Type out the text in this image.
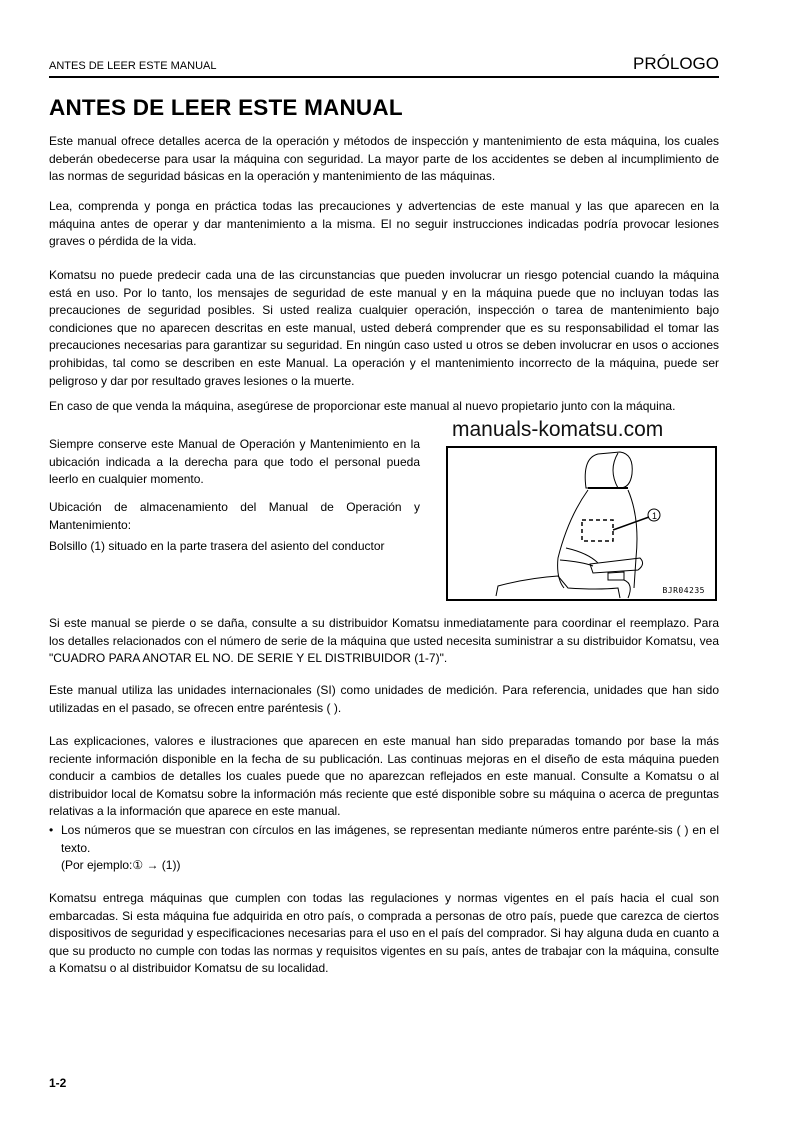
ANTES DE LEER ESTE MANUAL	PRÓLOGO
ANTES DE LEER ESTE MANUAL
Este manual ofrece detalles acerca de la operación y métodos de inspección y mantenimiento de esta máquina, los cuales deberán obedecerse para usar la máquina con seguridad. La mayor parte de los accidentes se deben al incumplimiento de las normas de seguridad básicas en la operación y mantenimiento de las máquinas.
Lea, comprenda y ponga en práctica todas las precauciones y advertencias de este manual y las que aparecen en la máquina antes de operar y dar mantenimiento a la misma. El no seguir instrucciones indicadas podría provocar lesiones graves o pérdida de la vida.
Komatsu no puede predecir cada una de las circunstancias que pueden involucrar un riesgo potencial cuando la máquina está en uso. Por lo tanto, los mensajes de seguridad de este manual y en la máquina puede que no incluyan todas las precauciones de seguridad posibles. Si usted realiza cualquier operación, inspección o tarea de mantenimiento bajo condiciones que no aparecen descritas en este manual, usted deberá comprender que es su responsabilidad el tomar las precauciones necesarias para garantizar su seguridad. En ningún caso usted u otros se deben involucrar en usos o acciones prohibidas, tal como se describen en este Manual. La operación y el mantenimiento incorrecto de la máquina, puede ser peligroso y dar por resultado graves lesiones o la muerte.
En caso de que venda la máquina, asegúrese de proporcionar este manual al nuevo propietario junto con la máquina.
Siempre conserve este Manual de Operación y Mantenimiento en la ubicación indicada a la derecha para que todo el personal pueda leerlo en cualquier momento.
Ubicación de almacenamiento del Manual de Operación y Mantenimiento:
Bolsillo (1) situado en la parte trasera del asiento del conductor
1
BJR04235
Si este manual se pierde o se daña, consulte a su distribuidor Komatsu inmediatamente para coordinar el reemplazo. Para los detalles relacionados con el número de serie de la máquina que usted necesita suministrar a su distribuidor Komatsu, vea "CUADRO PARA ANOTAR EL NO. DE SERIE Y EL DISTRIBUIDOR (1-7)".
Este manual utiliza las unidades internacionales (SI) como unidades de medición. Para referencia, unidades que han sido utilizadas en el pasado, se ofrecen entre paréntesis ( ).
Las explicaciones, valores e ilustraciones que aparecen en este manual han sido preparadas tomando por base la más reciente información disponible en la fecha de su publicación. Las continuas mejoras en el diseño de esta máquina pueden conducir a cambios de detalles los cuales puede que no aparezcan reflejados en este manual. Consulte a Komatsu o al distribuidor local de Komatsu sobre la información más reciente que esté disponible sobre su máquina o acerca de preguntas relativas a la información que aparece en este manual.
• Los números que se muestran con círculos en las imágenes, se representan mediante números entre parénte-sis ( ) en el texto.
(Por ejemplo:① → (1))
Komatsu entrega máquinas que cumplen con todas las regulaciones y normas vigentes en el país hacia el cual son embarcadas. Si esta máquina fue adquirida en otro país, o comprada a personas de otro país, puede que carezca de ciertos dispositivos de seguridad y especificaciones necesarias para el uso en el país del comprador. Si hay alguna duda en cuanto a que su producto no cumple con todas las normas y requisitos vigentes en su país, antes de trabajar con la máquina, consulte a Komatsu o al distribuidor Komatsu de su localidad.
manuals-komatsu.com
1-2
